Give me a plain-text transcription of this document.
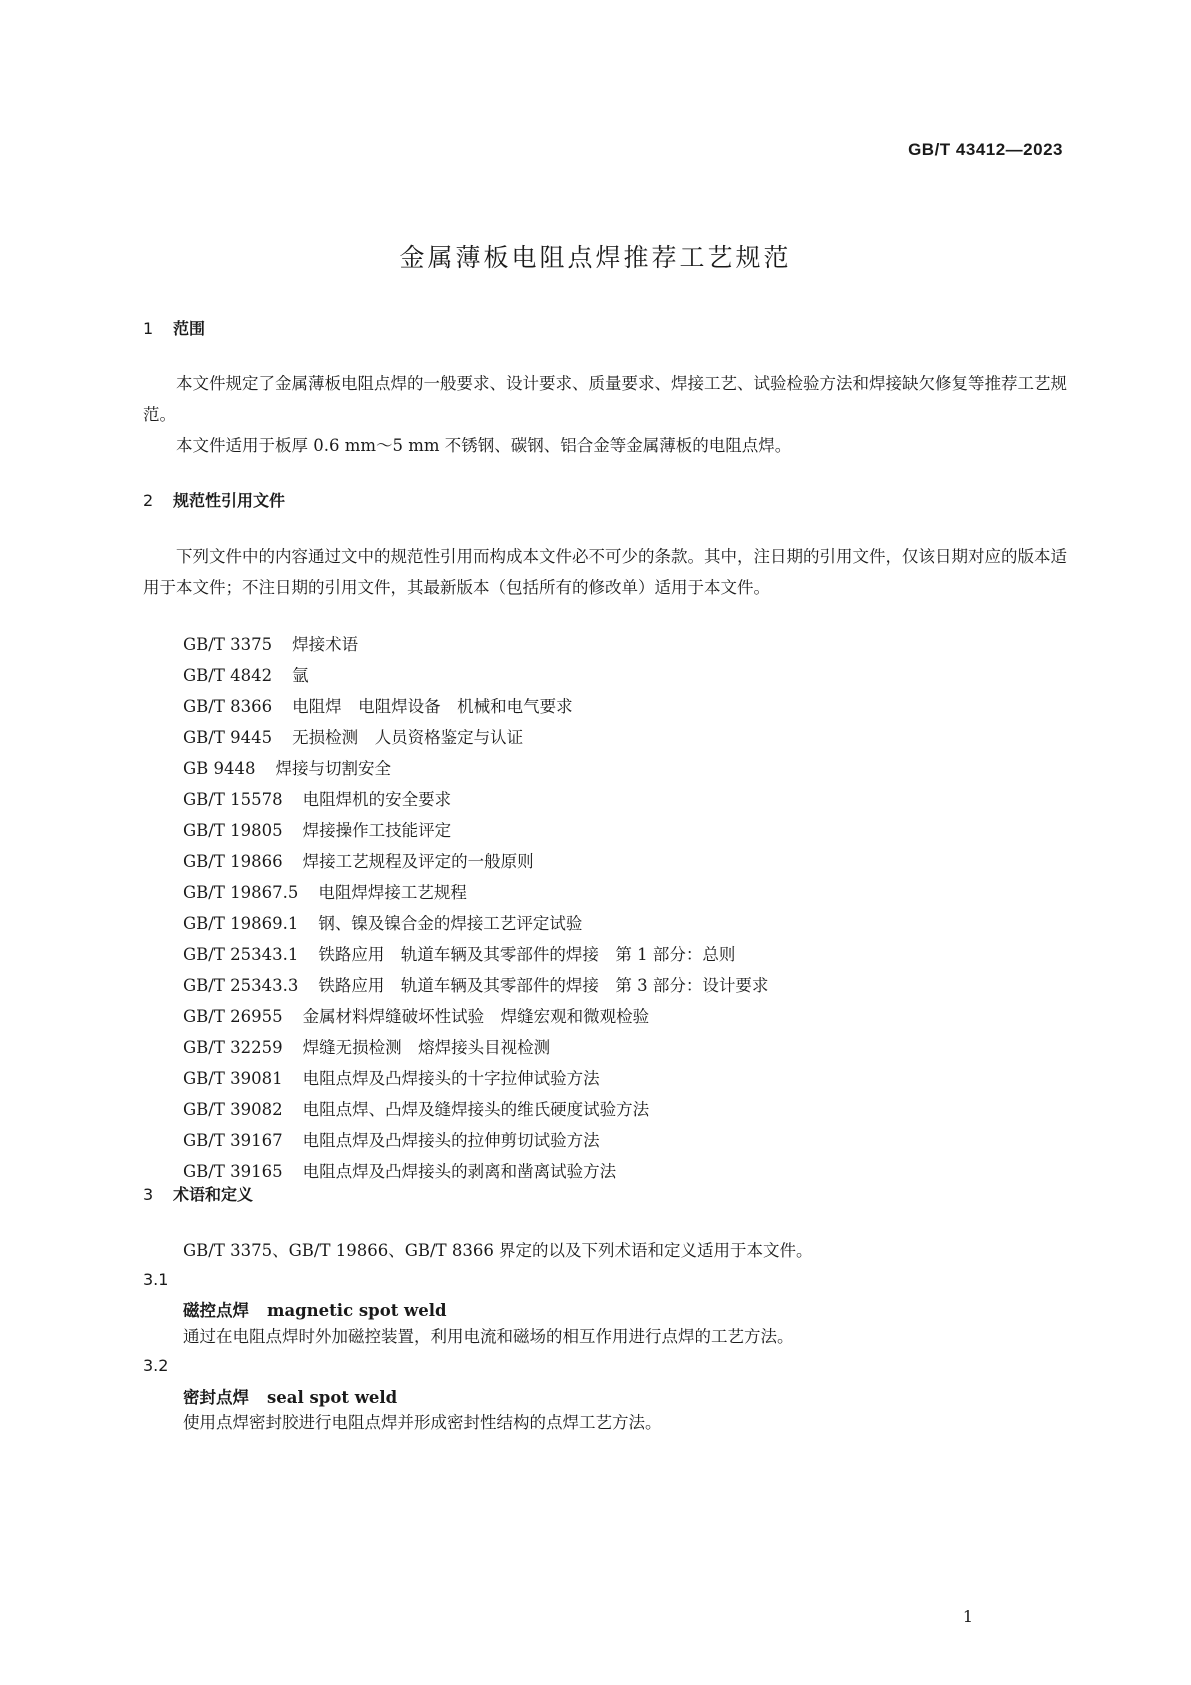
GB/T 43412—2023
金属薄板电阻点焊推荐工艺规范
1 范围
本文件规定了金属薄板电阻点焊的一般要求、设计要求、质量要求、焊接工艺、试验检验方法和焊接缺欠修复等推荐工艺规范。
本文件适用于板厚 0.6 mm～5 mm 不锈钢、碳钢、铝合金等金属薄板的电阻点焊。
2 规范性引用文件
下列文件中的内容通过文中的规范性引用而构成本文件必不可少的条款。其中，注日期的引用文件，仅该日期对应的版本适用于本文件；不注日期的引用文件，其最新版本（包括所有的修改单）适用于本文件。
GB/T 3375 焊接术语
GB/T 4842 氩
GB/T 8366 电阻焊　电阻焊设备　机械和电气要求
GB/T 9445 无损检测　人员资格鉴定与认证
GB 9448 焊接与切割安全
GB/T 15578 电阻焊机的安全要求
GB/T 19805 焊接操作工技能评定
GB/T 19866 焊接工艺规程及评定的一般原则
GB/T 19867.5 电阻焊焊接工艺规程
GB/T 19869.1 钢、镍及镍合金的焊接工艺评定试验
GB/T 25343.1 铁路应用　轨道车辆及其零部件的焊接　第 1 部分：总则
GB/T 25343.3 铁路应用　轨道车辆及其零部件的焊接　第 3 部分：设计要求
GB/T 26955 金属材料焊缝破坏性试验　焊缝宏观和微观检验
GB/T 32259 焊缝无损检测　熔焊接头目视检测
GB/T 39081 电阻点焊及凸焊接头的十字拉伸试验方法
GB/T 39082 电阻点焊、凸焊及缝焊接头的维氏硬度试验方法
GB/T 39167 电阻点焊及凸焊接头的拉伸剪切试验方法
GB/T 39165 电阻点焊及凸焊接头的剥离和凿离试验方法
3 术语和定义
GB/T 3375、GB/T 19866、GB/T 8366 界定的以及下列术语和定义适用于本文件。
3.1
磁控点焊 magnetic spot weld
通过在电阻点焊时外加磁控装置，利用电流和磁场的相互作用进行点焊的工艺方法。
3.2
密封点焊 seal spot weld
使用点焊密封胶进行电阻点焊并形成密封性结构的点焊工艺方法。
1
